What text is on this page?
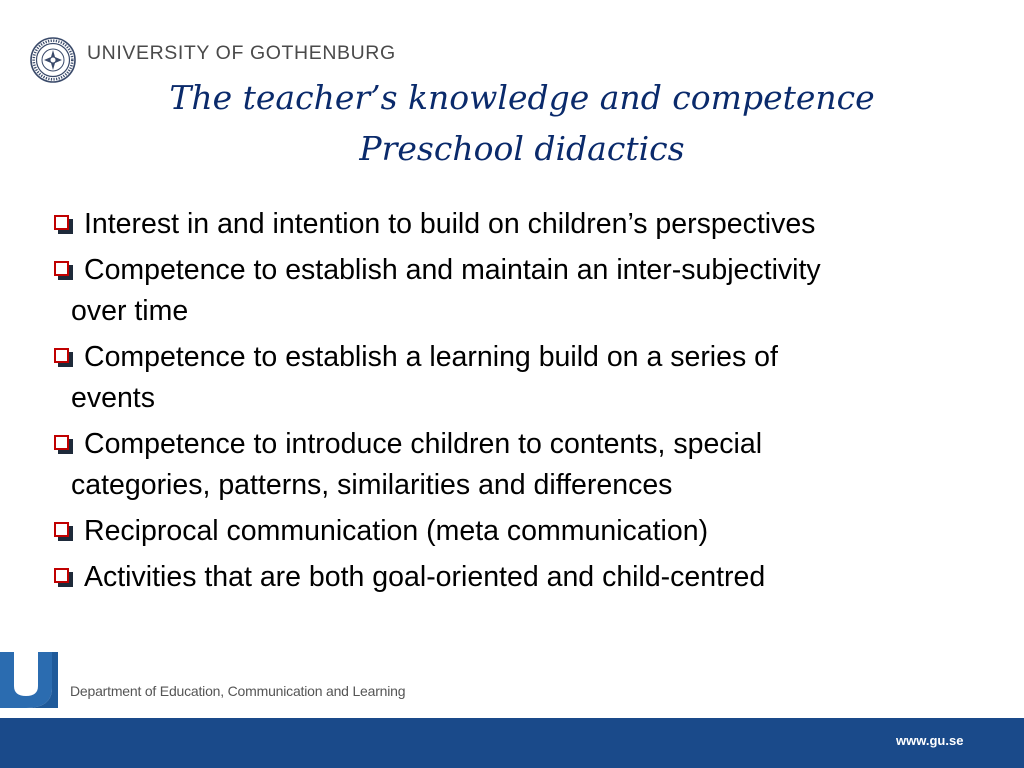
UNIVERSITY OF GOTHENBURG
The teacher’s knowledge and competence
Preschool didactics
Interest in and intention to build on children’s perspectives
Competence to establish and maintain an inter-subjectivity
over time
Competence to establish a learning build on a series of
events
Competence to introduce children to contents, special
categories, patterns, similarities and differences
Reciprocal communication (meta communication)
Activities that are both goal-oriented and child-centred
Department of Education, Communication and Learning
www.gu.se
